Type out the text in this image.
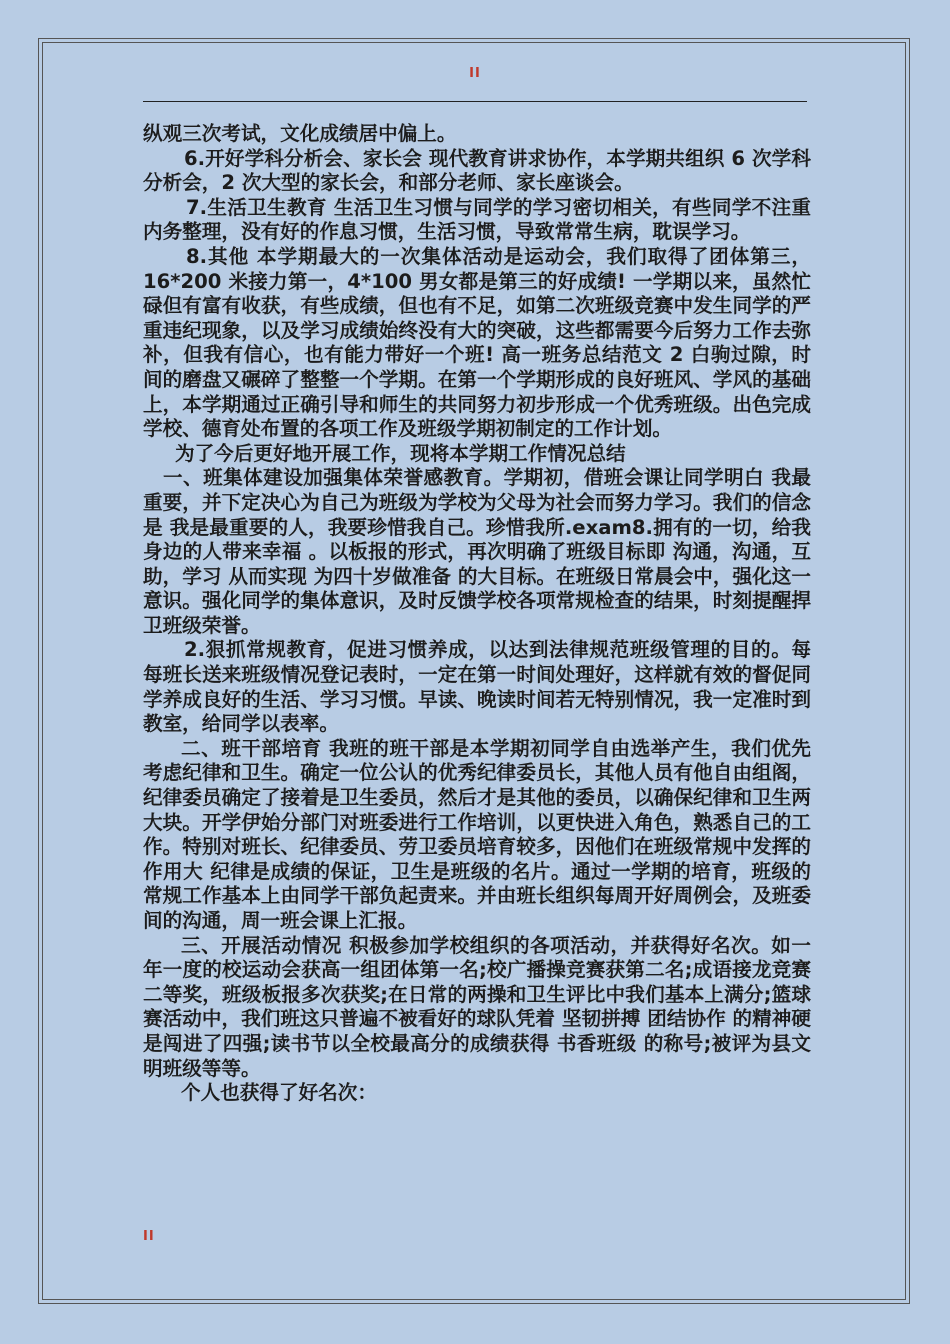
II

纵观三次考试，文化成绩居中偏上。

6.开好学科分析会、家长会 现代教育讲求协作，本学期共组织 6 次学科分析会，2 次大型的家长会，和部分老师、家长座谈会。

7.生活卫生教育 生活卫生习惯与同学的学习密切相关，有些同学不注重内务整理，没有好的作息习惯，生活习惯，导致常常生病，耽误学习。

8.其他 本学期最大的一次集体活动是运动会，我们取得了团体第三，16*200 米接力第一，4*100 男女都是第三的好成绩! 一学期以来，虽然忙碌但有富有收获，有些成绩，但也有不足，如第二次班级竞赛中发生同学的严重违纪现象，以及学习成绩始终没有大的突破，这些都需要今后努力工作去弥补，但我有信心，也有能力带好一个班! 高一班务总结范文 2 白驹过隙，时间的磨盘又碾碎了整整一个学期。在第一个学期形成的良好班风、学风的基础上，本学期通过正确引导和师生的共同努力初步形成一个优秀班级。出色完成学校、德育处布置的各项工作及班级学期初制定的工作计划。

为了今后更好地开展工作，现将本学期工作情况总结

一、班集体建设加强集体荣誉感教育。学期初，借班会课让同学明白 我最重要，并下定决心为自己为班级为学校为父母为社会而努力学习。我们的信念是 我是最重要的人，我要珍惜我自己。珍惜我所.exam8.拥有的一切，给我身边的人带来幸福 。以板报的形式，再次明确了班级目标即 沟通，沟通，互助，学习 从而实现 为四十岁做准备 的大目标。在班级日常晨会中，强化这一意识。强化同学的集体意识，及时反馈学校各项常规检查的结果，时刻提醒捍卫班级荣誉。

2.狠抓常规教育，促进习惯养成，以达到法律规范班级管理的目的。每每班长送来班级情况登记表时，一定在第一时间处理好，这样就有效的督促同学养成良好的生活、学习习惯。早读、晚读时间若无特别情况，我一定准时到教室，给同学以表率。

二、班干部培育 我班的班干部是本学期初同学自由选举产生，我们优先考虑纪律和卫生。确定一位公认的优秀纪律委员长，其他人员有他自由组阁，纪律委员确定了接着是卫生委员，然后才是其他的委员，以确保纪律和卫生两大块。开学伊始分部门对班委进行工作培训，以更快进入角色，熟悉自己的工作。特别对班长、纪律委员、劳卫委员培育较多，因他们在班级常规中发挥的作用大 纪律是成绩的保证，卫生是班级的名片。通过一学期的培育，班级的常规工作基本上由同学干部负起责来。并由班长组织每周开好周例会，及班委间的沟通，周一班会课上汇报。

三、开展活动情况 积极参加学校组织的各项活动，并获得好名次。如一年一度的校运动会获高一组团体第一名;校广播操竞赛获第二名;成语接龙竞赛二等奖，班级板报多次获奖;在日常的两操和卫生评比中我们基本上满分;篮球赛活动中，我们班这只普遍不被看好的球队凭着 坚韧拼搏 团结协作 的精神硬是闯进了四强;读书节以全校最高分的成绩获得 书香班级 的称号;被评为县文明班级等等。

个人也获得了好名次：

II
